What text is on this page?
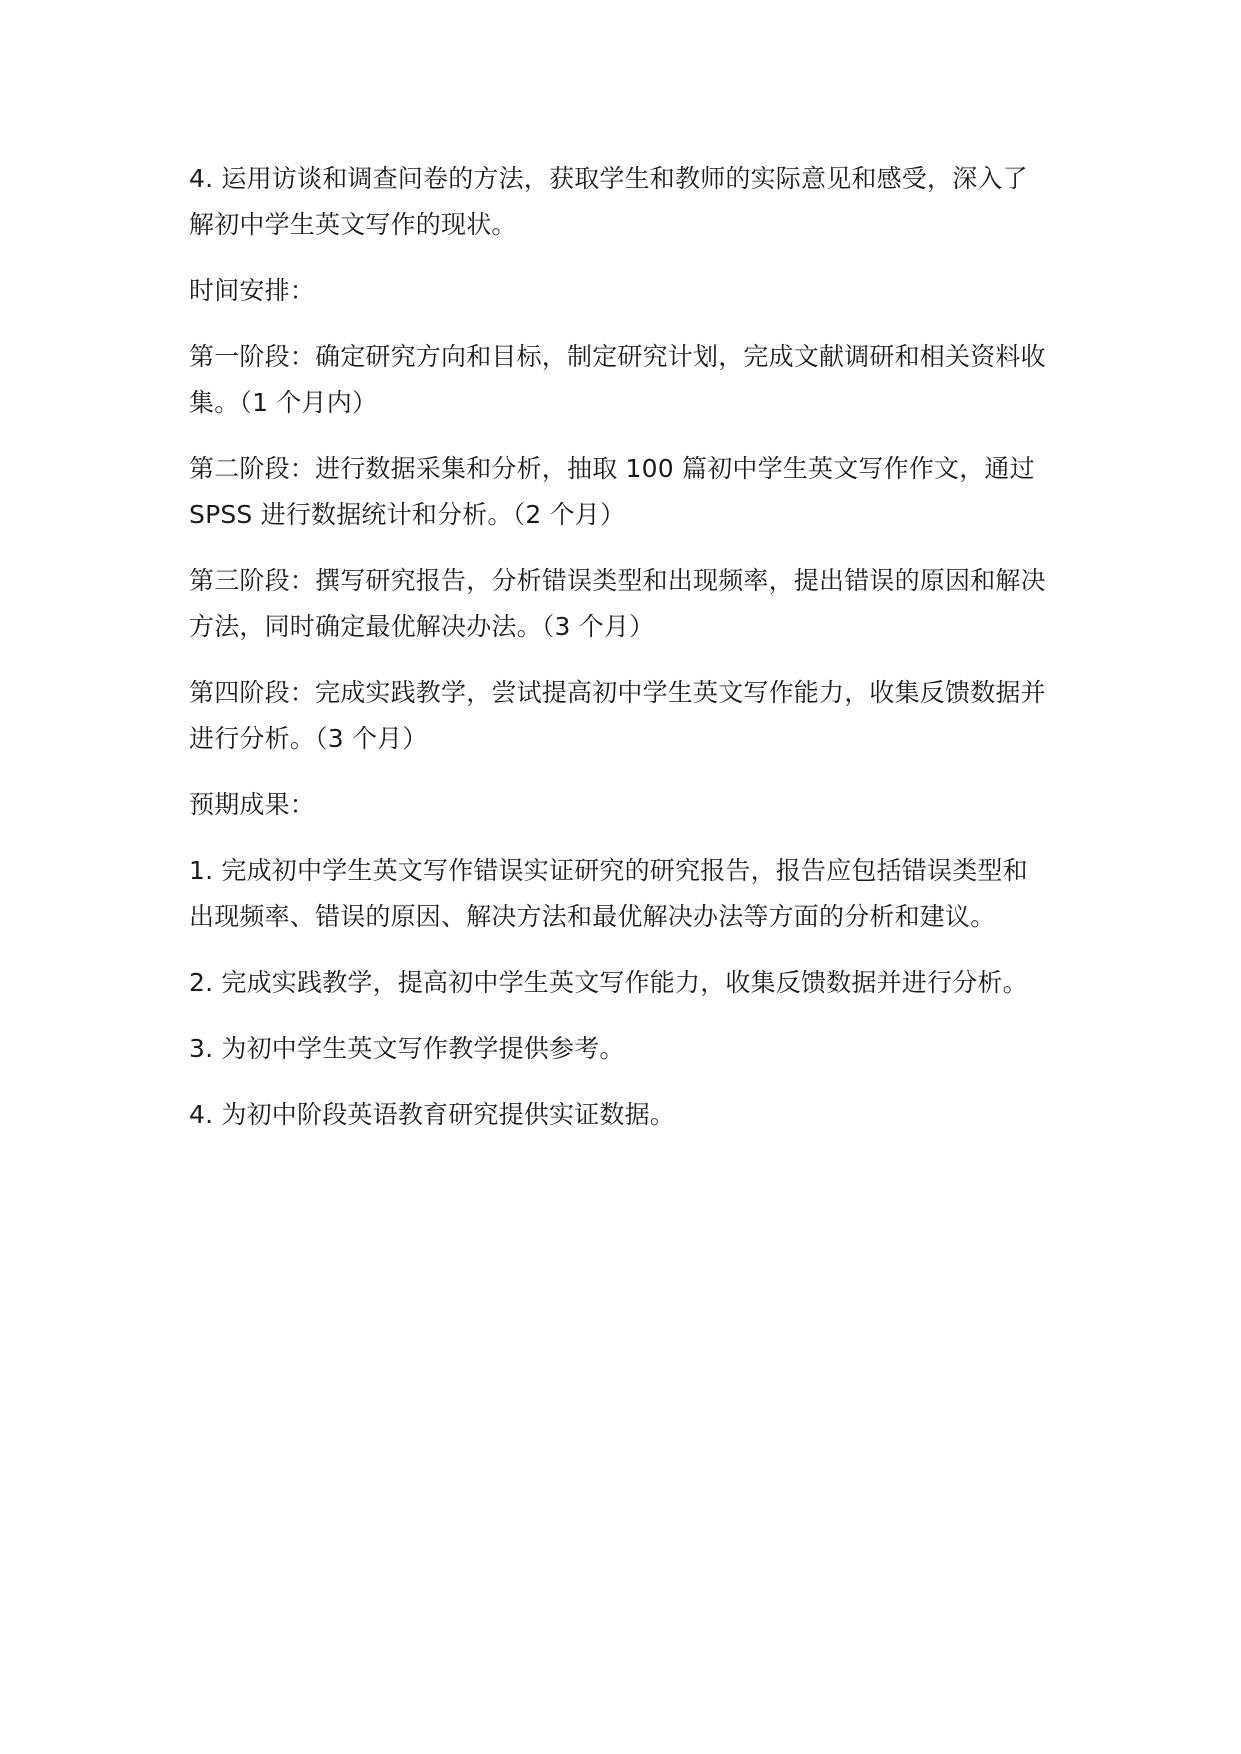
4. 运用访谈和调查问卷的方法，获取学生和教师的实际意见和感受，深入了解初中学生英文写作的现状。

时间安排：

第一阶段：确定研究方向和目标，制定研究计划，完成文献调研和相关资料收集。（1 个月内）

第二阶段：进行数据采集和分析，抽取 100 篇初中学生英文写作作文，通过 SPSS 进行数据统计和分析。（2 个月）

第三阶段：撰写研究报告，分析错误类型和出现频率，提出错误的原因和解决方法，同时确定最优解决办法。（3 个月）

第四阶段：完成实践教学，尝试提高初中学生英文写作能力，收集反馈数据并进行分析。（3 个月）

预期成果：

1. 完成初中学生英文写作错误实证研究的研究报告，报告应包括错误类型和出现频率、错误的原因、解决方法和最优解决办法等方面的分析和建议。

2. 完成实践教学，提高初中学生英文写作能力，收集反馈数据并进行分析。

3. 为初中学生英文写作教学提供参考。

4. 为初中阶段英语教育研究提供实证数据。
